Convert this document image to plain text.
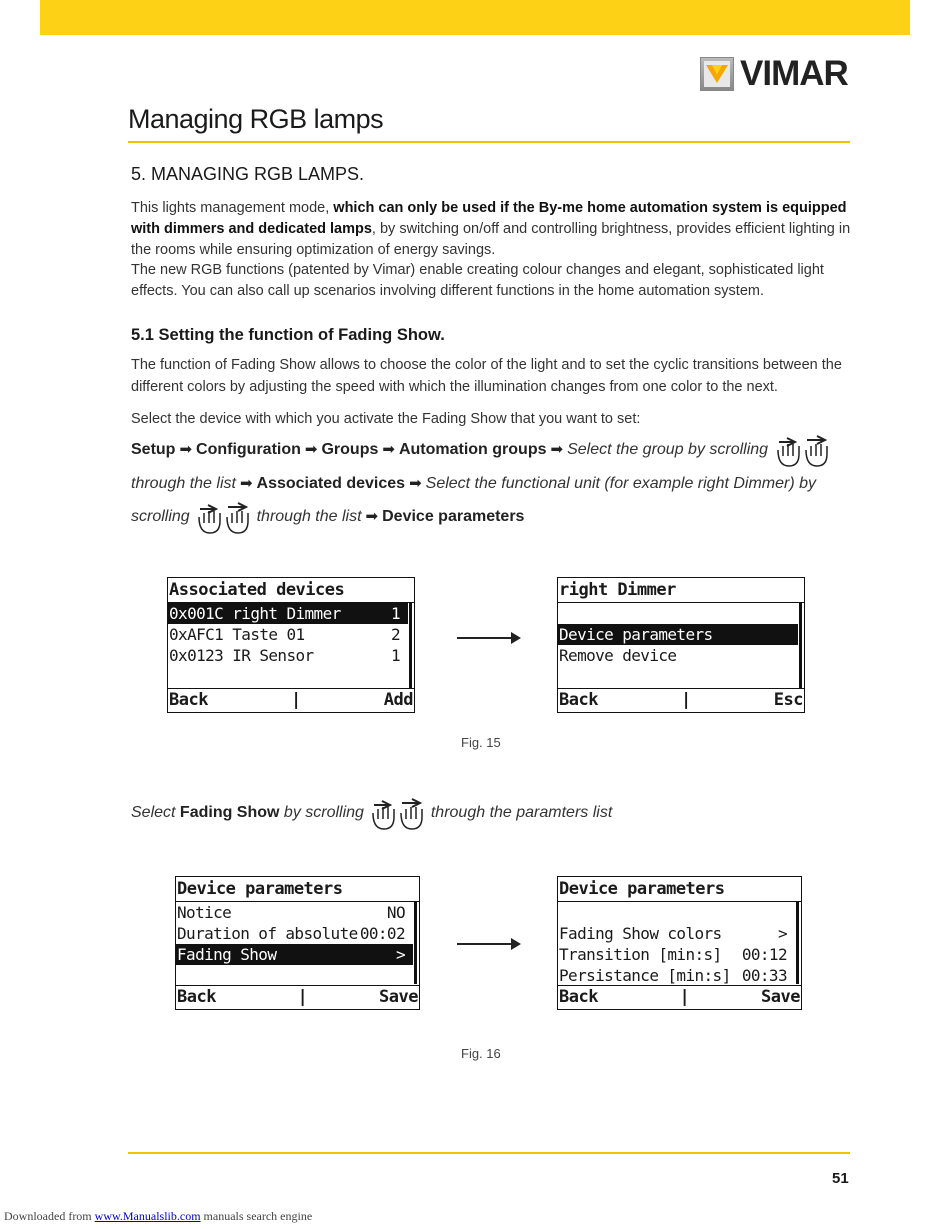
VIMAR
Managing RGB lamps
5. MANAGING RGB LAMPS.
This lights management mode, which can only be used if the By-me home automation system is equipped with dimmers and dedicated lamps, by switching on/off and controlling brightness, provides efficient lighting in the rooms while ensuring optimization of energy savings.
The new RGB functions (patented by Vimar) enable creating colour changes and elegant, sophisticated light effects. You can also call up scenarios involving different functions in the home automation system.
5.1 Setting the function of Fading Show.
The function of Fading Show allows to choose the color of the light and to set the cyclic transitions between the different colors by adjusting the speed with which the illumination changes from one color to the next.
Select the device with which you activate the Fading Show that you want to set:
Setup ➡ Configuration ➡ Groups ➡ Automation groups ➡ Select the group by scrolling
through the list ➡ Associated devices ➡ Select the functional unit (for example right Dimmer) by
scrolling	through the list ➡ Device parameters
Associated devices
0x001C right Dimmer	1
0xAFC1 Taste 01	2
0x0123 IR Sensor	1
Back	|	Add
right Dimmer
Device parameters
Remove device
Back	|	Esc
Fig. 15
Select Fading Show by scrolling	through the paramters list
Device parameters
Notice	NO
Duration of absolute 00:02
Fading Show	>
Back	|	Save
Device parameters
Fading Show colors	>
Transition [min:s] 00:12
Persistance [min:s] 00:33
Back	|	Save
Fig. 16
51
Downloaded from www.Manualslib.com manuals search engine
